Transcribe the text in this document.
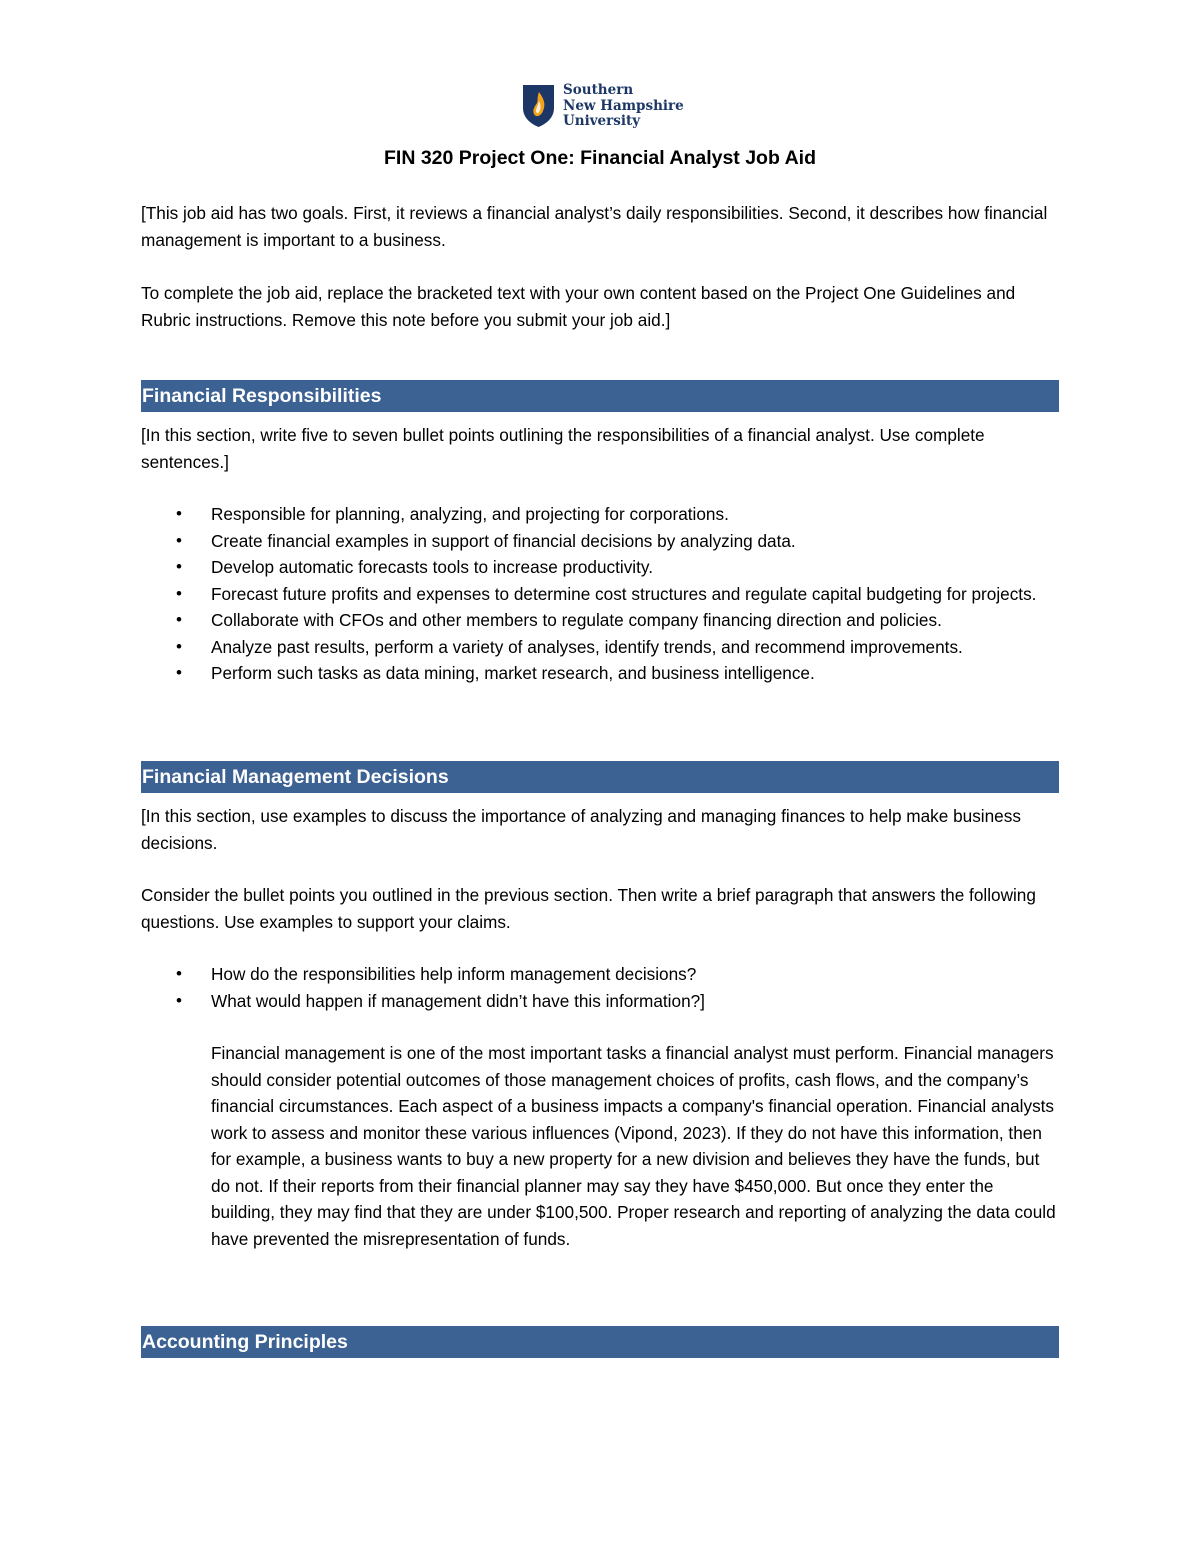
Southern
New Hampshire
University
FIN 320 Project One: Financial Analyst Job Aid

[This job aid has two goals. First, it reviews a financial analyst’s daily responsibilities. Second, it describes how financial management is important to a business.

To complete the job aid, replace the bracketed text with your own content based on the Project One Guidelines and Rubric instructions. Remove this note before you submit your job aid.]

Financial Responsibilities

[In this section, write five to seven bullet points outlining the responsibilities of a financial analyst. Use complete sentences.]

• Responsible for planning, analyzing, and projecting for corporations.
• Create financial examples in support of financial decisions by analyzing data.
• Develop automatic forecasts tools to increase productivity.
• Forecast future profits and expenses to determine cost structures and regulate capital budgeting for projects.
• Collaborate with CFOs and other members to regulate company financing direction and policies.
• Analyze past results, perform a variety of analyses, identify trends, and recommend improvements.
• Perform such tasks as data mining, market research, and business intelligence.
Financial Management Decisions

[In this section, use examples to discuss the importance of analyzing and managing finances to help make business decisions.

Consider the bullet points you outlined in the previous section. Then write a brief paragraph that answers the following questions. Use examples to support your claims.

• How do the responsibilities help inform management decisions?
• What would happen if management didn’t have this information?]

Financial management is one of the most important tasks a financial analyst must perform. Financial managers should consider potential outcomes of those management choices of profits, cash flows, and the company’s financial circumstances. Each aspect of a business impacts a company's financial operation. Financial analysts work to assess and monitor these various influences (Vipond, 2023). If they do not have this information, then for example, a business wants to buy a new property for a new division and believes they have the funds, but do not. If their reports from their financial planner may say they have $450,000. But once they enter the building, they may find that they are under $100,500. Proper research and reporting of analyzing the data could have prevented the misrepresentation of funds.

Accounting Principles
